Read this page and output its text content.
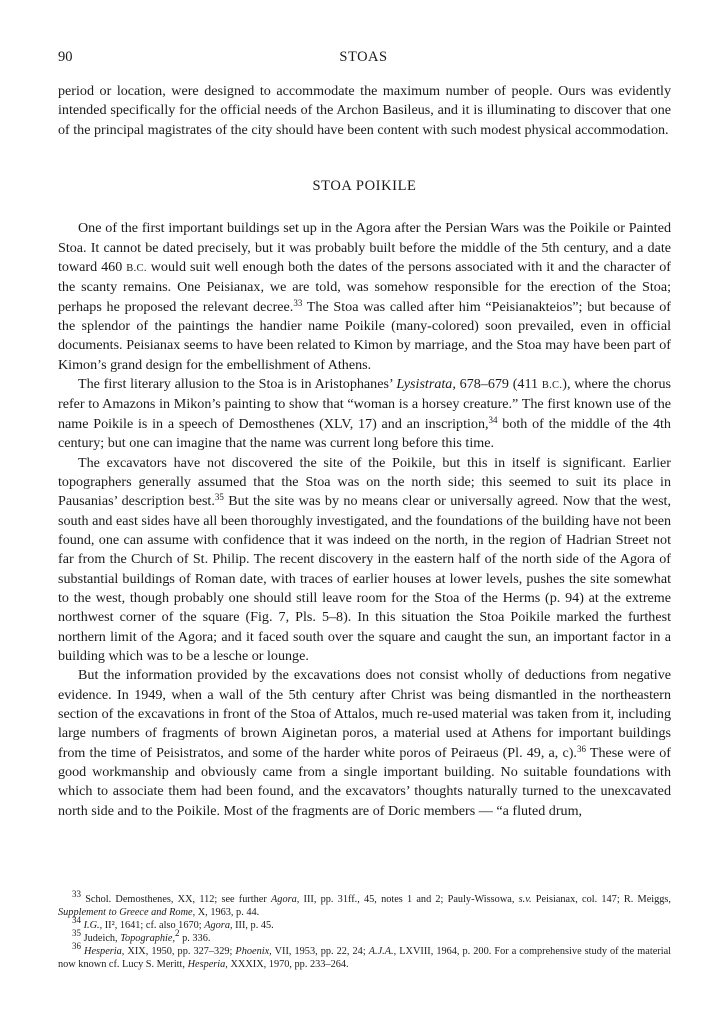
90	STOAS

period or location, were designed to accommodate the maximum number of people. Ours was evidently intended specifically for the official needs of the Archon Basileus, and it is illuminating to discover that one of the principal magistrates of the city should have been content with such modest physical accommodation.

STOA POIKILE

One of the first important buildings set up in the Agora after the Persian Wars was the Poikile or Painted Stoa. It cannot be dated precisely, but it was probably built before the middle of the 5th century, and a date toward 460 B.C. would suit well enough both the dates of the persons associated with it and the character of the scanty remains. One Peisianax, we are told, was somehow responsible for the erection of the Stoa; perhaps he proposed the relevant decree.$^{33}$ The Stoa was called after him “Peisianakteios”; but because of the splendor of the paintings the handier name Poikile (many-colored) soon prevailed, even in official documents. Peisianax seems to have been related to Kimon by marriage, and the Stoa may have been part of Kimon’s grand design for the embellishment of Athens.

The first literary allusion to the Stoa is in Aristophanes’ Lysistrata, 678–679 (411 B.C.), where the chorus refer to Amazons in Mikon’s painting to show that “woman is a horsey creature.” The first known use of the name Poikile is in a speech of Demosthenes (XLV, 17) and an inscription,$^{34}$ both of the middle of the 4th century; but one can imagine that the name was current long before this time.

The excavators have not discovered the site of the Poikile, but this in itself is significant. Earlier topographers generally assumed that the Stoa was on the north side; this seemed to suit its place in Pausanias’ description best.$^{35}$ But the site was by no means clear or universally agreed. Now that the west, south and east sides have all been thoroughly investigated, and the foundations of the building have not been found, one can assume with confidence that it was indeed on the north, in the region of Hadrian Street not far from the Church of St. Philip. The recent discovery in the eastern half of the north side of the Agora of substantial buildings of Roman date, with traces of earlier houses at lower levels, pushes the site somewhat to the west, though probably one should still leave room for the Stoa of the Herms (p. 94) at the extreme northwest corner of the square (Fig. 7, Pls. 5–8). In this situation the Stoa Poikile marked the furthest northern limit of the Agora; and it faced south over the square and caught the sun, an important factor in a building which was to be a lesche or lounge.

But the information provided by the excavations does not consist wholly of deductions from negative evidence. In 1949, when a wall of the 5th century after Christ was being dismantled in the northeastern section of the excavations in front of the Stoa of Attalos, much re-used material was taken from it, including large numbers of fragments of brown Aiginetan poros, a material used at Athens for important buildings from the time of Peisistratos, and some of the harder white poros of Peiraeus (Pl. 49, a, c).$^{36}$ These were of good workmanship and obviously came from a single important building. No suitable foundations with which to associate them had been found, and the excavators’ thoughts naturally turned to the unexcavated north side and to the Poikile. Most of the fragments are of Doric members — “a fluted drum,

$^{33}$ Schol. Demosthenes, XX, 112; see further Agora, III, pp. 31ff., 45, notes 1 and 2; Pauly-Wissowa, s.v. Peisianax, col. 147; R. Meiggs, Supplement to Greece and Rome, X, 1963, p. 44.

$^{34}$ I.G., II², 1641; cf. also 1670; Agora, III, p. 45.

$^{35}$ Judeich, Topographie,$^2$ p. 336.

$^{36}$ Hesperia, XIX, 1950, pp. 327–329; Phoenix, VII, 1953, pp. 22, 24; A.J.A., LXVIII, 1964, p. 200. For a comprehensive study of the material now known cf. Lucy S. Meritt, Hesperia, XXXIX, 1970, pp. 233–264.
